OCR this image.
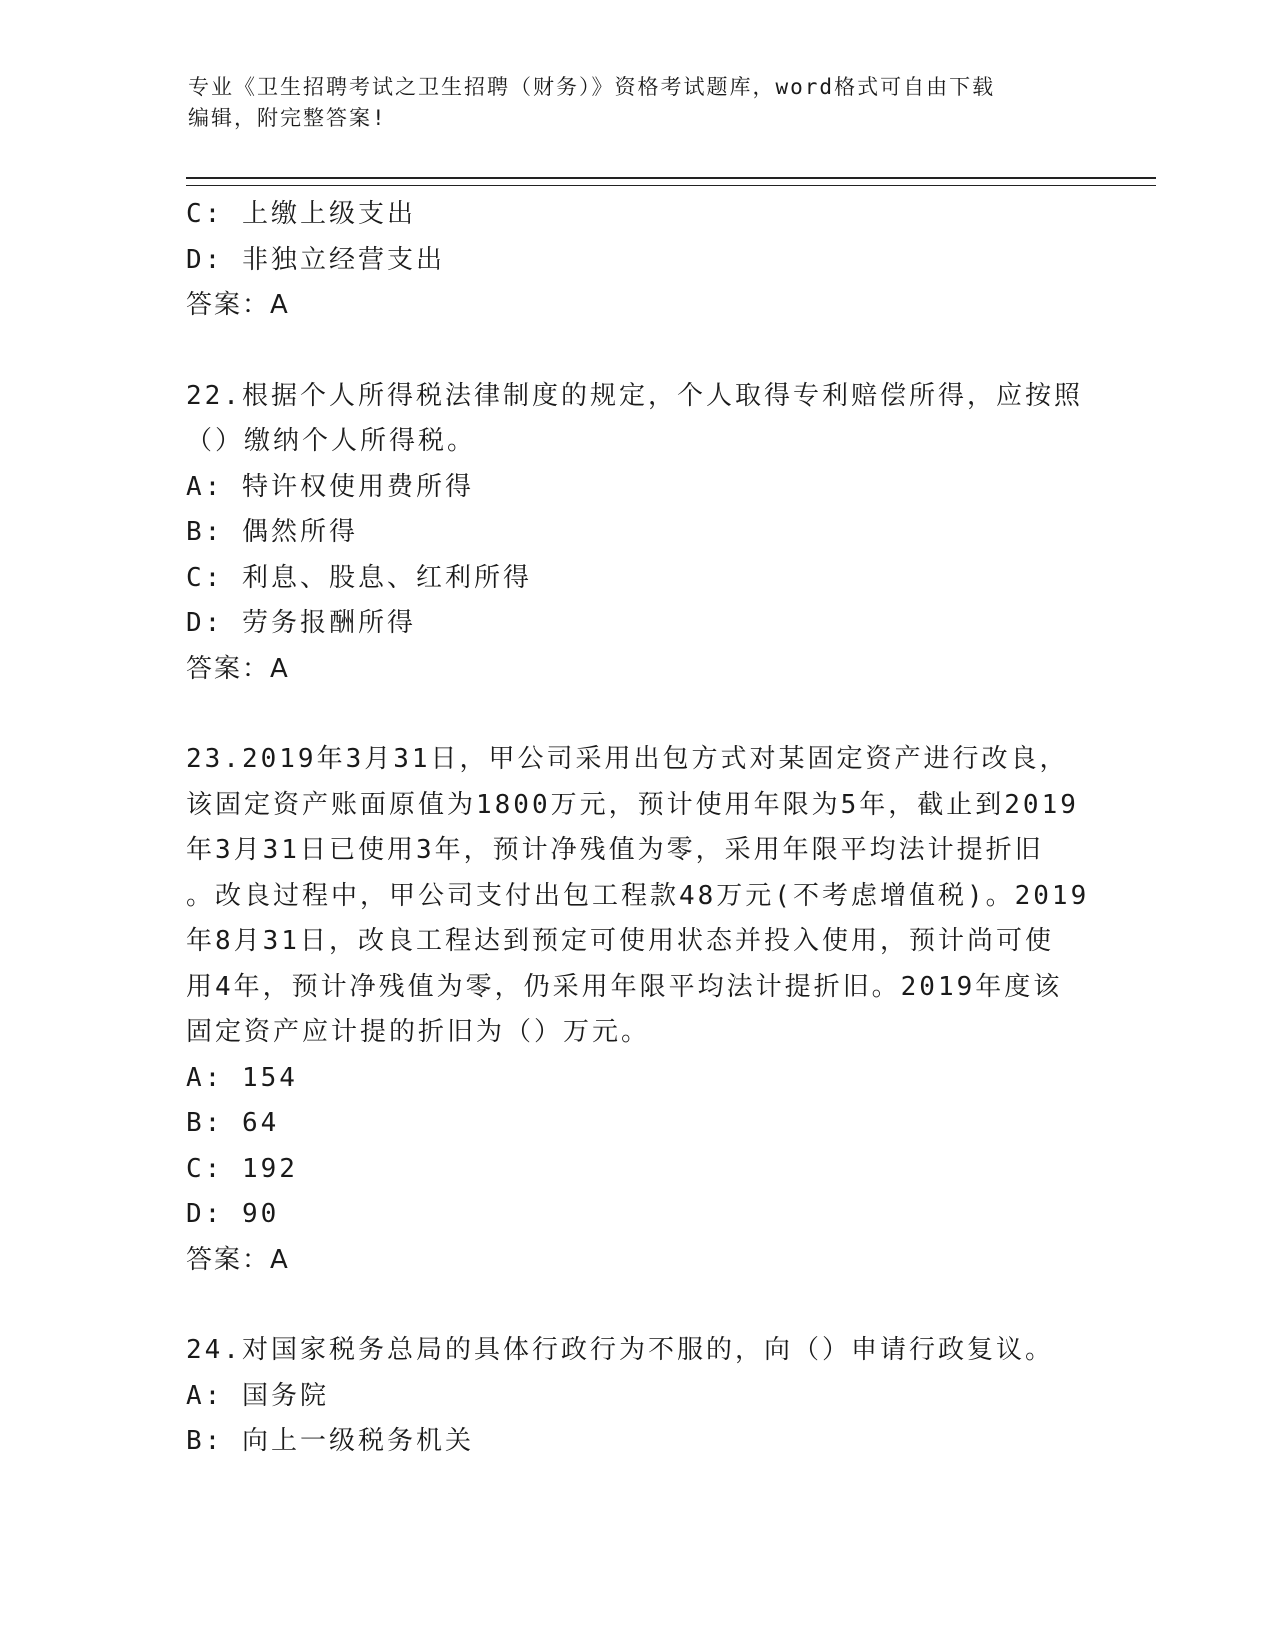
专业《卫生招聘考试之卫生招聘（财务）》资格考试题库，word格式可自由下载
编辑，附完整答案!
C: 上缴上级支出
D: 非独立经营支出
答案：A
22.根据个人所得税法律制度的规定，个人取得专利赔偿所得，应按照
（）缴纳个人所得税。
A: 特许权使用费所得
B: 偶然所得
C: 利息、股息、红利所得
D: 劳务报酬所得
答案：A
23.2019年3月31日，甲公司采用出包方式对某固定资产进行改良，
该固定资产账面原值为1800万元，预计使用年限为5年，截止到2019
年3月31日已使用3年，预计净残值为零，采用年限平均法计提折旧
。改良过程中，甲公司支付出包工程款48万元(不考虑增值税)。2019
年8月31日，改良工程达到预定可使用状态并投入使用，预计尚可使
用4年，预计净残值为零，仍采用年限平均法计提折旧。2019年度该
固定资产应计提的折旧为（）万元。
A: 154
B: 64
C: 192
D: 90
答案：A
24.对国家税务总局的具体行政行为不服的，向（）申请行政复议。
A: 国务院
B: 向上一级税务机关
